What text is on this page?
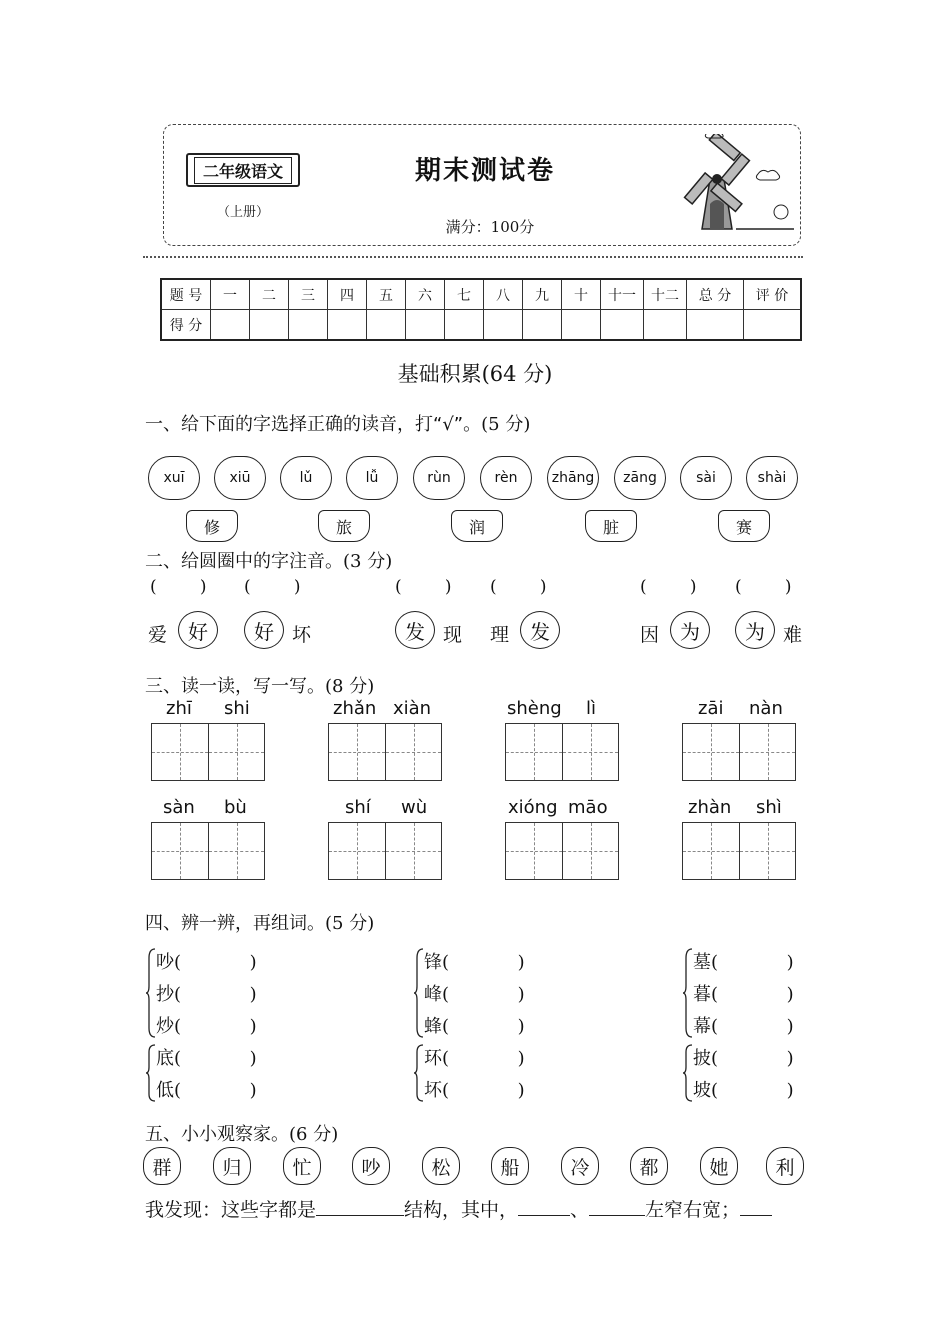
二年级语文
（上册）
期末测试卷
满分：100分
题 号	一	二	三	四	五	六	七	八	九	十	十一	十二	总 分	评 价
得 分														
基础积累(64 分)
一、给下面的字选择正确的读音，打“√”。(5 分)
xuī	xiū
修
lǔ	lǚ
旅
rùn	rèn
润
zhāng	zāng
脏
sài	shài
赛
二、给圆圈中的字注音。(3 分)
(        ) (        )	(        ) (        )	(        ) (        )
爱	好	好 坏	发 现 理	发	因	为	为 难
三、读一读，写一写。(8 分)
zhī shi	zhǎn xiàn	shèng lì	zāi nàn
sàn bù	shí wù	xióng māo	zhàn shì
四、辨一辨，再组词。(5 分)
吵(            )
抄(            )
炒(            )
锋(            )
峰(            )
蜂(            )
墓(            )
暮(            )
幕(            )
底(            )
低(            )
环(            )
坏(            )
披(            )
坡(            )
五、小小观察家。(6 分)
群	归	忙	吵	松	船	冷	都	她	利
我发现：这些字都是	结构，其中，	、	左窄右宽；
